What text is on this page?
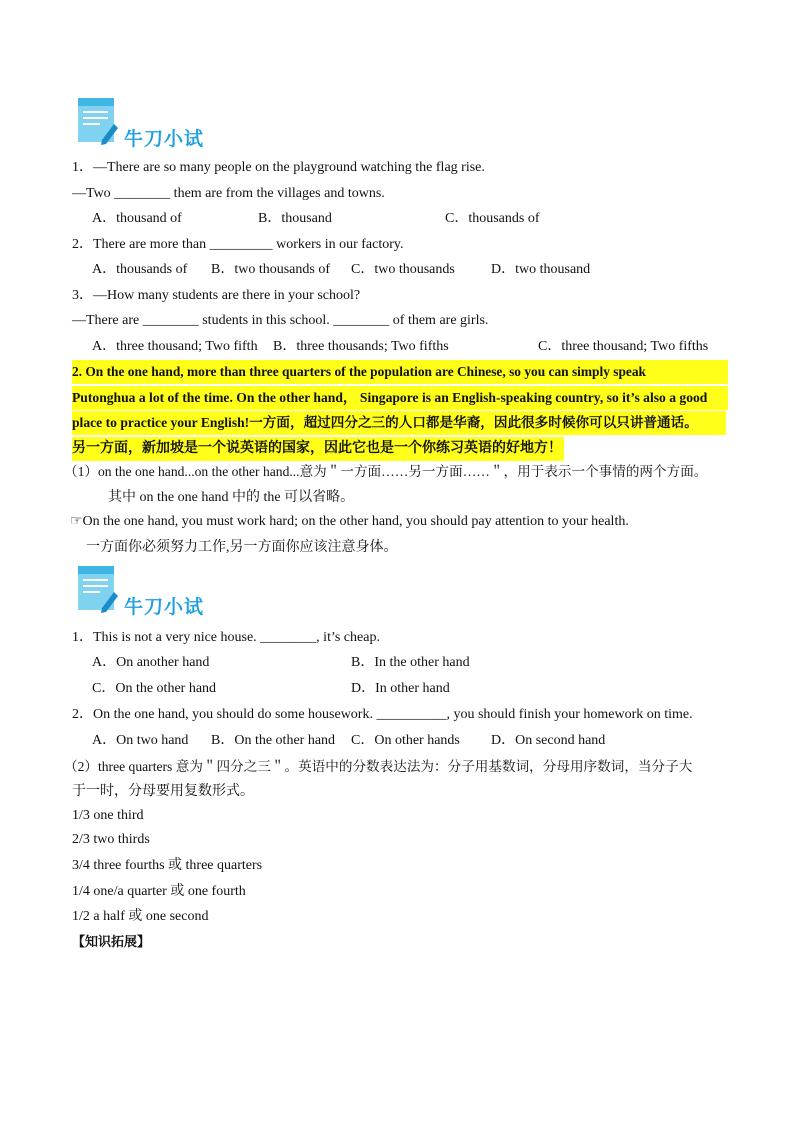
牛刀小试
1．—There are so many people on the playground watching the flag rise.
—Two ________ them are from the villages and towns.
A．thousand of	B．thousand	C．thousands of
2．There are more than _________ workers in our factory.
A．thousands of B．two thousands of C．two thousands	D．two thousand
3．—How many students are there in your school?
—There are ________ students in this school. ________ of them are girls.
A．three thousand; Two fifth B．three thousands; Two fifths	C．three thousand; Two fifths
2. On the one hand, more than three quarters of the population are Chinese, so you can simply speak
Putonghua a lot of the time. On the other hand， Singapore is an English-speaking country, so it’s also a good
place to practice your English!一方面，超过四分之三的人口都是华裔，因此很多时候你可以只讲普通话。
另一方面，新加坡是一个说英语的国家，因此它也是一个你练习英语的好地方！
（1）on the one hand...on the other hand...意为＂一方面……另一方面……＂，用于表示一个事情的两个方面。
其中 on the one hand 中的 the 可以省略。
☞On the one hand, you must work hard; on the other hand, you should pay attention to your health.
一方面你必须努力工作,另一方面你应该注意身体。
牛刀小试
1．This is not a very nice house. ________, it’s cheap.
A．On another hand	B．In the other hand
C．On the other hand	D．In other hand
2．On the one hand, you should do some housework. __________, you should finish your homework on time.
A．On two hand B．On the other hand C．On other hands D．On second hand
（2）three quarters 意为＂四分之三＂。英语中的分数表达法为：分子用基数词，分母用序数词，当分子大
于一时，分母要用复数形式。
1/3 one third
2/3 two thirds
3/4 three fourths 或 three quarters
1/4 one/a quarter 或 one fourth
1/2 a half 或 one second
【知识拓展】
